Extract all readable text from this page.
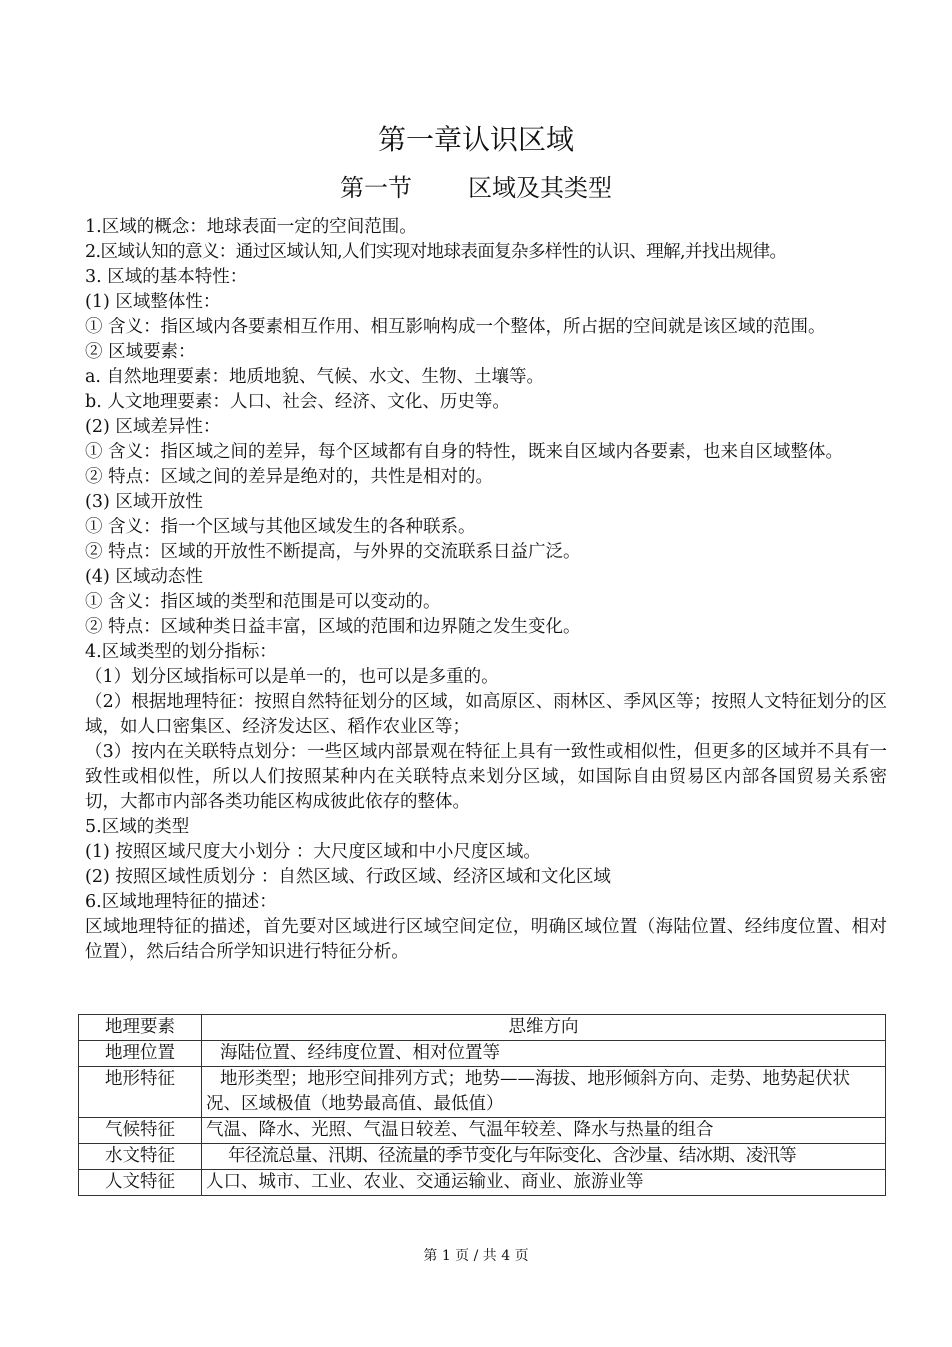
第一章认识区域
第一节 区域及其类型

1.区域的概念：地球表面一定的空间范围。

2.区域认知的意义：通过区域认知,人们实现对地球表面复杂多样性的认识、理解,并找出规律。

3. 区域的基本特性：

(1) 区域整体性：

① 含义：指区域内各要素相互作用、相互影响构成一个整体，所占据的空间就是该区域的范围。

② 区域要素：

a. 自然地理要素：地质地貌、气候、水文、生物、土壤等。

b. 人文地理要素：人口、社会、经济、文化、历史等。

(2) 区域差异性：

① 含义：指区域之间的差异，每个区域都有自身的特性，既来自区域内各要素，也来自区域整体。

② 特点：区域之间的差异是绝对的，共性是相对的。

(3) 区域开放性

① 含义：指一个区域与其他区域发生的各种联系。

② 特点：区域的开放性不断提高，与外界的交流联系日益广泛。

(4) 区域动态性

① 含义：指区域的类型和范围是可以变动的。

② 特点：区域种类日益丰富，区域的范围和边界随之发生变化。

4.区域类型的划分指标：

（1）划分区域指标可以是单一的，也可以是多重的。

（2）根据地理特征：按照自然特征划分的区域，如高原区、雨林区、季风区等；按照人文特征划分的区域，如人口密集区、经济发达区、稻作农业区等；

（3）按内在关联特点划分：一些区域内部景观在特征上具有一致性或相似性，但更多的区域并不具有一致性或相似性，所以人们按照某种内在关联特点来划分区域，如国际自由贸易区内部各国贸易关系密切，大都市内部各类功能区构成彼此依存的整体。

5.区域的类型

(1) 按照区域尺度大小划分 ：大尺度区域和中小尺度区域。

(2) 按照区域性质划分 ：自然区域、行政区域、经济区域和文化区域

6.区域地理特征的描述：

区域地理特征的描述，首先要对区域进行区域空间定位，明确区域位置（海陆位置、经纬度位置、相对位置），然后结合所学知识进行特征分析。

地理要素	思维方向
地理位置	海陆位置、经纬度位置、相对位置等
地形特征	地形类型；地形空间排列方式；地势——海拔、地形倾斜方向、走势、地势起伏状况、区域极值（地势最高值、最低值）
气候特征	气温、降水、光照、气温日较差、气温年较差、降水与热量的组合
水文特征	年径流总量、汛期、径流量的季节变化与年际变化、含沙量、结冰期、凌汛等
人文特征	人口、城市、工业、农业、交通运输业、商业、旅游业等
第 1 页 / 共 4 页
